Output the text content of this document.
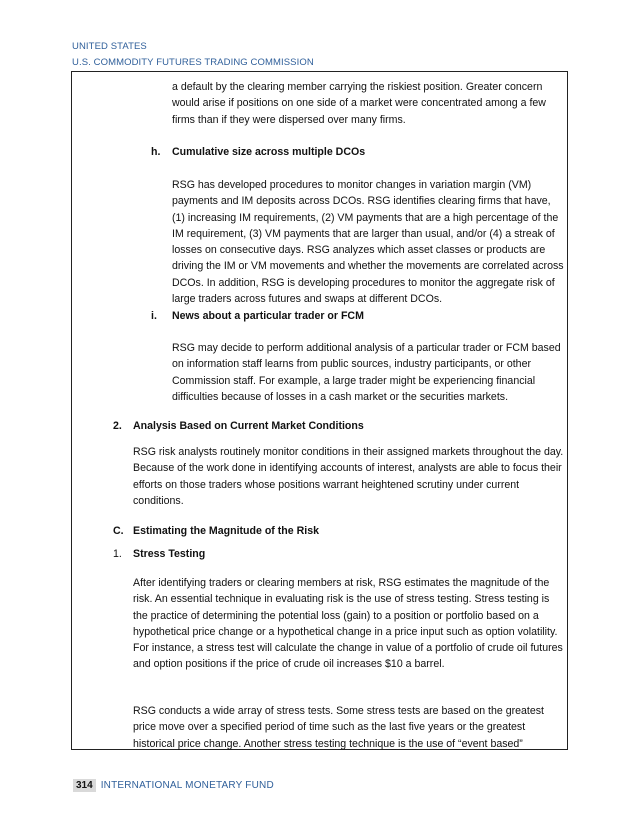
UNITED STATES
U.S. COMMODITY FUTURES TRADING COMMISSION

a default by the clearing member carrying the riskiest position. Greater concern would arise if positions on one side of a market were concentrated among a few firms than if they were dispersed over many firms.

h. Cumulative size across multiple DCOs

RSG has developed procedures to monitor changes in variation margin (VM) payments and IM deposits across DCOs. RSG identifies clearing firms that have, (1) increasing IM requirements, (2) VM payments that are a high percentage of the IM requirement, (3) VM payments that are larger than usual, and/or (4) a streak of losses on consecutive days. RSG analyzes which asset classes or products are driving the IM or VM movements and whether the movements are correlated across DCOs. In addition, RSG is developing procedures to monitor the aggregate risk of large traders across futures and swaps at different DCOs.

i. News about a particular trader or FCM

RSG may decide to perform additional analysis of a particular trader or FCM based on information staff learns from public sources, industry participants, or other Commission staff. For example, a large trader might be experiencing financial difficulties because of losses in a cash market or the securities markets.

2. Analysis Based on Current Market Conditions

RSG risk analysts routinely monitor conditions in their assigned markets throughout the day. Because of the work done in identifying accounts of interest, analysts are able to focus their efforts on those traders whose positions warrant heightened scrutiny under current conditions.

C. Estimating the Magnitude of the Risk
1. Stress Testing

After identifying traders or clearing members at risk, RSG estimates the magnitude of the risk. An essential technique in evaluating risk is the use of stress testing. Stress testing is the practice of determining the potential loss (gain) to a position or portfolio based on a hypothetical price change or a hypothetical change in a price input such as option volatility. For instance, a stress test will calculate the change in value of a portfolio of crude oil futures and option positions if the price of crude oil increases $10 a barrel.

RSG conducts a wide array of stress tests. Some stress tests are based on the greatest price move over a specified period of time such as the last five years or the greatest historical price change. Another stress testing technique is the use of “event based”

314 INTERNATIONAL MONETARY FUND
